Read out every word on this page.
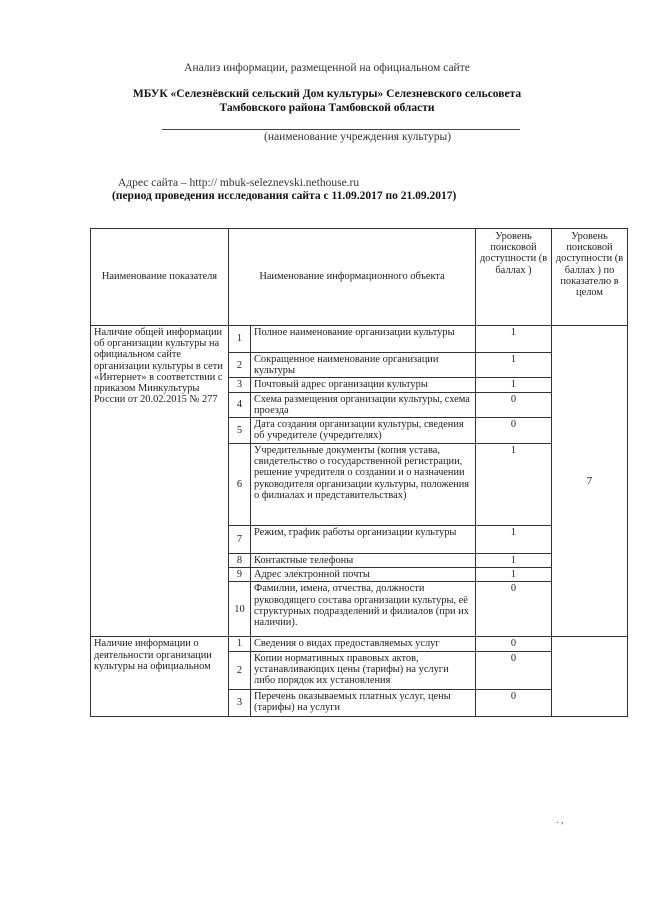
Анализ информации, размещенной на официальном сайте
МБУК «Селезнёвский сельский Дом культуры» Селезневского сельсовета
Тамбовского района Тамбовской области
(наименование учреждения культуры)
Адрес сайта – http:// mbuk-seleznevski.nethouse.ru
(период проведения исследования сайта с 11.09.2017 по 21.09.2017)
Наименование показателя	Наименование информационного объекта		Уровень поисковой доступности (в баллах )	Уровень поисковой доступности (в баллах ) по показателю в целом
Наличие общей информации об организации культуры на официальном сайте организации культуры в сети «Интернет» в соответствии с приказом Минкультуры России от 20.02.2015 № 277	1	Полное наименование организации культуры	1	7
	2	Сокращенное наименование организации культуры	1	
	3	Почтовый адрес организации культуры	1	
	4	Схема размещения организации культуры, схема проезда	0	
	5	Дата создания организации культуры, сведения об учредителе (учредителях)	0	
	6	Учредительные документы (копия устава, свидетельство о государственной регистрации, решение учредителя о создании и о назначении руководителя организации культуры, положения о филиалах и представительствах)	1	
	7	Режим, график работы организации культуры	1	
	8	Контактные телефоны	1	
	9	Адрес электронной почты	1	
	10	Фамилии, имена, отчества, должности руководящего состава организации культуры, её структурных подразделений и филиалов (при их наличии).	0	
Наличие информации о деятельности организации культуры на официальном	1	Сведения о видах предоставляемых услуг	0	
	2	Копии нормативных правовых актов, устанавливающих цены (тарифы) на услуги либо порядок их установления	0	
	3	Перечень оказываемых платных услуг, цены (тарифы) на услуги	0	
. ,
